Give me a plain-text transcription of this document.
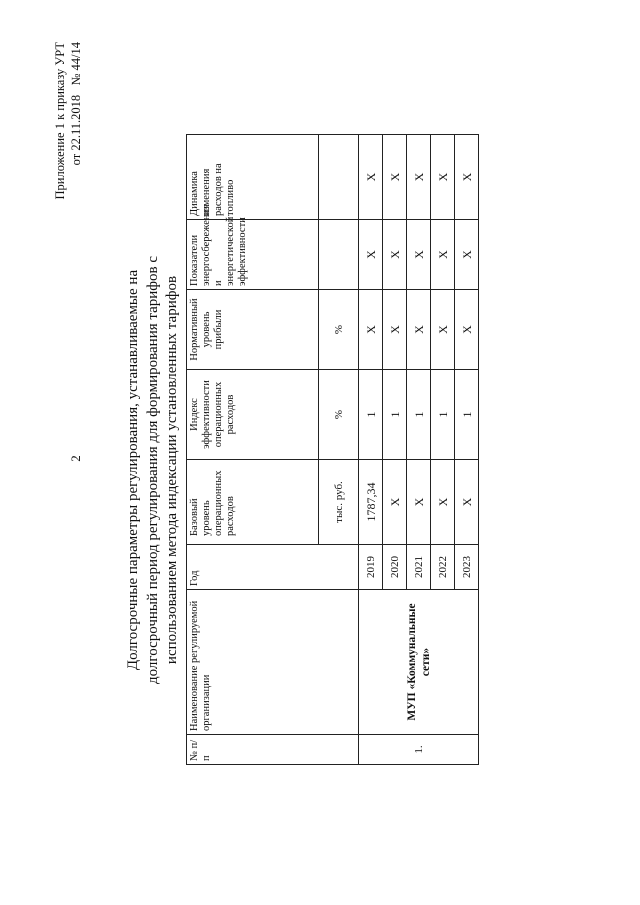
2
Приложение 1 к приказу УРТ от 22.11.2018   № 44/14
Долгосрочные параметры регулирования, устанавливаемые на долгосрочный период регулирования для формирования тарифов с использованием метода индексации установленных тарифов
№ п/п	Наименование регулируемой организации	Год	Базовый уровень операционных расходов	Индекс эффективности операционных расходов	Нормативный уровень прибыли	Показатели энергосбережения и энергетической эффективности	Динамика изменения расходов на топливо
			тыс. руб.	%	%		
1.	МУП «Коммунальные сети»	2019	1787,34	1	X	X	X
		2020	X	1	X	X	X
		2021	X	1	X	X	X
		2022	X	1	X	X	X
		2023	X	1	X	X	X
